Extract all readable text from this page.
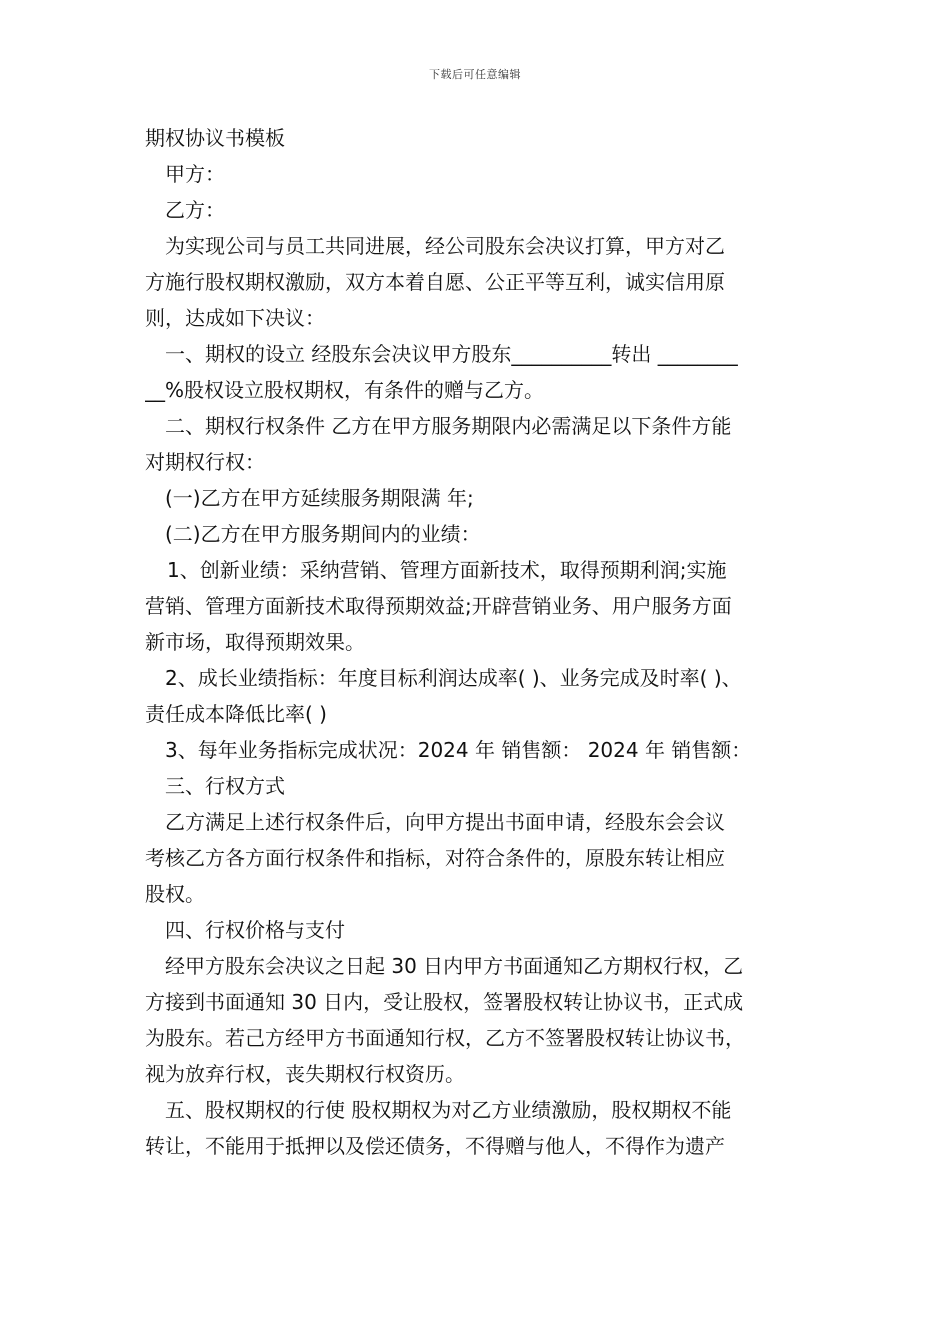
下载后可任意编辑
期权协议书模板
甲方：
乙方：
为实现公司与员工共同进展，经公司股东会决议打算，甲方对乙
方施行股权期权激励，双方本着自愿、公正平等互利，诚实信用原
则，达成如下决议：
一、期权的设立 经股东会决议甲方股东__________转出 ________
__%股权设立股权期权，有条件的赠与乙方。
二、期权行权条件 乙方在甲方服务期限内必需满足以下条件方能
对期权行权：
(一)乙方在甲方延续服务期限满 年;
(二)乙方在甲方服务期间内的业绩：
1、创新业绩：采纳营销、管理方面新技术，取得预期利润;实施
营销、管理方面新技术取得预期效益;开辟营销业务、用户服务方面
新市场，取得预期效果。
2、成长业绩指标：年度目标利润达成率( )、业务完成及时率( )、
责任成本降低比率( )
3、每年业务指标完成状况：2024 年 销售额： 2024 年 销售额：
三、行权方式
乙方满足上述行权条件后，向甲方提出书面申请，经股东会会议
考核乙方各方面行权条件和指标，对符合条件的，原股东转让相应
股权。
四、行权价格与支付
经甲方股东会决议之日起 30 日内甲方书面通知乙方期权行权，乙
方接到书面通知 30 日内，受让股权，签署股权转让协议书，正式成
为股东。若己方经甲方书面通知行权，乙方不签署股权转让协议书，
视为放弃行权，丧失期权行权资历。
五、股权期权的行使 股权期权为对乙方业绩激励，股权期权不能
转让，不能用于抵押以及偿还债务，不得赠与他人，不得作为遗产
